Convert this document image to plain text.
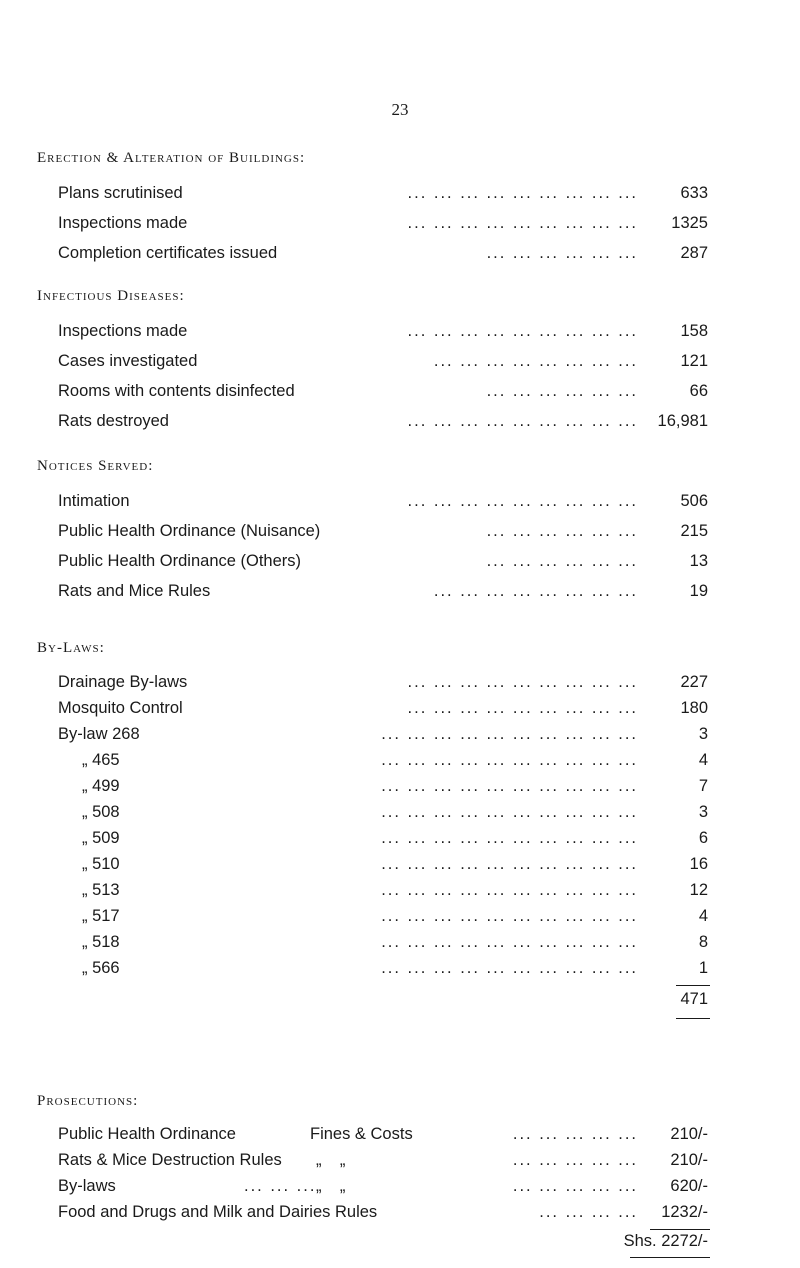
23
Erection & Alteration of Buildings:
Plans scrutinised	... ... ... ... ... ... ... ... ...	633
Inspections made	... ... ... ... ... ... ... ... ... 1325
Completion certificates issued	... ... ... ... ... ...	287
Infectious Diseases:
Inspections made	... ... ... ... ... ... ... ... ...	158
Cases investigated	... ... ... ... ... ... ... ...	121
Rooms with contents disinfected	... ... ... ... ... ...	66
Rats destroyed	... ... ... ... ... ... ... ... ... 16,981
Notices Served:
Intimation	... ... ... ... ... ... ... ... ...	506
Public Health Ordinance (Nuisance)	... ... ... ... ... ...	215
Public Health Ordinance (Others)	... ... ... ... ... ...	13
Rats and Mice Rules	... ... ... ... ... ... ... ...	19
By-Laws:
Drainage By-laws	... ... ... ... ... ... ... ... ...	227
Mosquito Control	... ... ... ... ... ... ... ... ...	180
By-law 268	... ... ... ... ... ... ... ... ... ...	3
„ 465	... ... ... ... ... ... ... ... ... ...	4
„ 499	... ... ... ... ... ... ... ... ... ...	7
„ 508	... ... ... ... ... ... ... ... ... ...	3
„ 509	... ... ... ... ... ... ... ... ... ...	6
„ 510	... ... ... ... ... ... ... ... ... ...	16
„ 513	... ... ... ... ... ... ... ... ... ...	12
„ 517	... ... ... ... ... ... ... ... ... ...	4
„ 518	... ... ... ... ... ... ... ... ... ...	8
„ 566	... ... ... ... ... ... ... ... ... ...	1
471
Prosecutions:
Public Health Ordinance	Fines & Costs	... ... ... ... ... 210/-
Rats & Mice Destruction Rules „    „	... ... ... ... ... 210/-
By-laws	... ... ... „    „	... ... ... ... ... 620/-
Food and Drugs and Milk and Dairies Rules	... ... ... ... 1232/-
Shs. 2272/-
